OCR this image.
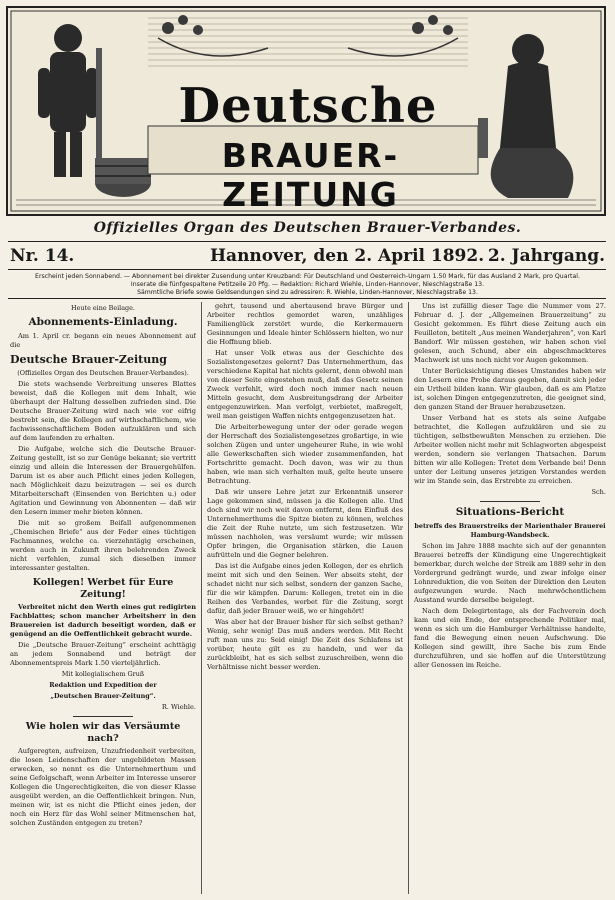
Deutsche
BRAUER-ZEITUNG
Offizielles Organ des Deutschen Brauer-Verbandes.
Nr. 14.	Hannover, den 2. April 1892. 2. Jahrgang.
Erscheint jeden Sonnabend. — Abonnement bei direkter Zusendung unter Kreuzband: Für Deutschland und Oesterreich-Ungarn 1.50 Mark, für das Ausland 2 Mark, pro Quartal.
Inserate die fünfgespaltene Petitzeile 20 Pfg. — Redaktion: Richard Wiehle, Linden-Hannover, Nieschlagstraße 13.
Sämmtliche Briefe sowie Geldsendungen sind zu adressiren: R. Wiehle, Linden-Hannover, Nieschlagstraße 13.
Heute eine Beilage.
Abonnements-Einladung.

Am 1. April cr. begann ein neues Abonnement auf die

Deutsche Brauer-Zeitung
(Offizielles Organ des Deutschen Brauer-Verbandes).

Die stets wachsende Verbreitung unseres Blattes beweist, daß die Kollegen mit dem Inhalt, wie überhaupt der Haltung desselben zufrieden sind. Die Deutsche Brauer-Zeitung wird nach wie vor eifrig bestrebt sein, die Kollegen auf wirthschaftlichem, wie fachwissenschaftlichem Boden aufzuklären und sich auf dem laufenden zu erhalten.

Die Aufgabe, welche sich die Deutsche Brauer-Zeitung gestellt, ist so zur Genüge bekannt; sie vertritt einzig und allein die Interessen der Brauergehülfen. Darum ist es aber auch Pflicht eines jeden Kollegen, nach Möglichkeit dazu beizutragen — sei es durch Mitarbeiterschaft (Einsenden von Berichten u.) oder Agitation und Gewinnung von Abonnenten — daß wir den Lesern immer mehr bieten können.

Die mit so großem Beifall aufgenommenen „Chemischen Briefe“ aus der Feder eines tüchtigen Fachmannes, welche ca. vierzehntägig erscheinen, werden auch in Zukunft ihren belehrenden Zweck nicht verfehlen, zumal sich dieselben immer interessanter gestalten.

Kollegen! Werbet für Eure Zeitung!

Verbreitet nicht den Werth eines gut redigirten Fachblattes; schon mancher Arbeitsherr in den Brauereien ist dadurch beseitigt worden, daß er genügend an die Oeffentlichkeit gebracht wurde.

Die „Deutsche Brauer-Zeitung“ erscheint achttägig an jedem Sonnabend und beträgt der Abonnementspreis Mark 1.50 vierteljährlich.

Mit kollegialischem Gruß
Redaktion und Expedition der
„Deutschen Brauer-Zeitung“.
R. Wiehle.
Wie holen wir das Versäumte nach?

Aufgeregten, aufreizen, Unzufriedenheit verbreiten, die losen Leidenschaften der ungebildeten Massen erwecken, so nennt es die Unternehmerthum und seine Gefolgschaft, wenn Arbeiter im Interesse unserer Kollegen die Ungerechtigkeiten, die von dieser Klasse ausgeübt werden, an die Oeffentlichkeit bringen. Nun, meinen wir, ist es nicht die Pflicht eines jeden, der noch ein Herz für das Wohl seiner Mitmenschen hat, solchen Zuständen entgegen zu treten?

gehrt, tausend und abertausend brave Bürger und Arbeiter rechtlos gemordet waren, unzähliges Familienglück zerstört wurde, die Kerkermauern Gesinnungen und Ideale hinter Schlössern hielten, wo nur die Hoffnung blieb.

Hat unser Volk etwas aus der Geschichte des Sozialistengesetzes gelernt? Das Unternehmerthum, das verschiedene Kapital hat nichts gelernt, denn obwohl man von dieser Seite eingestehen muß, daß das Gesetz seinen Zweck verfehlt, wird doch noch immer nach neuen Mitteln gesucht, dem Ausbreitungsdrang der Arbeiter entgegenzuwirken. Man verfolgt, verbietet, maßregelt, weil man geistigen Waffen nichts entgegenzusetzen hat.

Die Arbeiterbewegung unter der oder gerade wegen der Herrschaft des Sozialistengesetzes großartige, in wie solchen Zügen und unter ungeheurer Ruhe, in wie wohl alle Gewerkschaften sich wieder zusammenfanden, hat Fortschritte gemacht. Doch davon, was wir zu thun haben, wie man sich verhalten muß, gelte heute unsere Betrachtung.

Daß wir unsere Lehre jetzt zur Erkenntniß unserer Lage gekommen sind, müssen ja die Kollegen alle. Und doch sind wir noch weit davon entfernt, dem Einfluß des Unternehmerthums die Spitze bieten zu können, welches die Zeit der Ruhe nutzte, um sich festzusetzen. Wir müssen nachholen, was versäumt wurde; wir müssen Opfer bringen, die Organisation stärken, die Lauen aufrütteln und die Gegner belehren.

Das ist die Aufgabe eines jeden Kollegen, der es ehrlich meint mit sich und den Seinen. Wer abseits steht, der schadet nicht nur sich selbst, sondern der ganzen Sache, für die wir kämpfen. Darum: Kollegen, tretet ein in die Reihen des Verbandes, werbet für die Zeitung, sorgt dafür, daß jeder Brauer weiß, wo er hingehört!

Was aber hat der Brauer bisher für sich selbst gethan? Wenig, sehr wenig! Das muß anders werden. Mit Recht ruft man uns zu: Seid einig! Die Zeit des Schlafens ist vorüber, heute gilt es zu handeln, und wer da zurückbleibt, hat es sich selbst zuzuschreiben, wenn die Verhältnisse nicht besser werden.

Uns ist zufällig dieser Tage die Nummer vom 27. Februar d. J. der „Allgemeinen Brauerzeitung“ zu Gesicht gekommen. Es führt diese Zeitung auch ein Feuilleton, betitelt „Aus meinen Wanderjahren“, von Karl Bandorf. Wir müssen gestehen, wir haben schon viel gelesen, auch Schund, aber ein abgeschmackteres Machwerk ist uns noch nicht vor Augen gekommen.

Unter Berücksichtigung dieses Umstandes haben wir den Lesern eine Probe daraus gegeben, damit sich jeder ein Urtheil bilden kann. Wir glauben, daß es am Platze ist, solchen Dingen entgegenzutreten, die geeignet sind, den ganzen Stand der Brauer herabzusetzen.

Unser Verband hat es stets als seine Aufgabe betrachtet, die Kollegen aufzuklären und sie zu tüchtigen, selbstbewußten Menschen zu erziehen. Die Arbeiter wollen nicht mehr mit Schlagworten abgespeist werden, sondern sie verlangen Thatsachen. Darum bitten wir alle Kollegen: Tretet dem Verbande bei! Denn unter der Leitung unseres jetzigen Vorstandes werden wir im Stande sein, das Erstrebte zu erreichen.

Sch.
Situations-Bericht
betreffs des Brauerstreiks der Marienthaler Brauerei Hamburg-Wandsbeck.

Schon im Jahre 1888 machte sich auf der genannten Brauerei betreffs der Kündigung eine Ungerechtigkeit bemerkbar, durch welche der Streik am 1889 sehr in den Vordergrund gedrängt wurde, und zwar infolge einer Lohnreduktion, die von Seiten der Direktion den Leuten aufgezwungen wurde. Nach mehrwöchentlichem Ausstand wurde derselbe beigelegt.

Nach dem Delegirtentage, als der Fachverein doch kam und ein Ende, der entsprechende Politiker mal, wenn es sich um die Hamburger Verhältnisse handelte, fand die Bewegung einen neuen Aufschwung. Die Kollegen sind gewillt, ihre Sache bis zum Ende durchzuführen, und sie hoffen auf die Unterstützung aller Genossen im Reiche.
